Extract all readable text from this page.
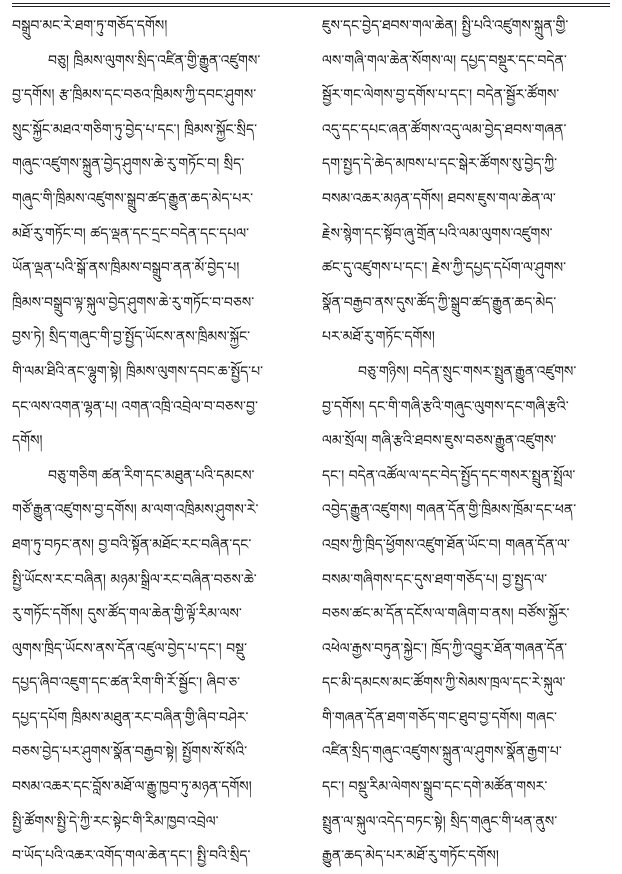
བསྒྲུབ་མང་རེ་ཐག་ཏུ་གཅོད་དགོས།
བཅུ། ཁྲིམས་ལུགས་སྲིད་འཛིན་གྱི་རྒྱུན་འཛུགས་
བྱ་དགོས། རྩ་ཁྲིམས་དང་བཅའ་ཁྲིམས་ཀྱི་དབང་ཤུགས་
སྲུང་སྐྱོང་མཐའ་གཅིག་ཏུ་བྱེད་པ་དང་། ཁྲིམས་སྐྱོང་སྲིད་
གཞུང་འཛུགས་སྐྲུན་བྱེད་ཤུགས་ཆེ་རུ་གཏོང་བ། སྲིད་
གཞུང་གི་ཁྲིམས་འཛུགས་སྒྲུབ་ཚད་རྒྱུན་ཆད་མེད་པར་
མཐོ་རུ་གཏོང་བ། ཚད་ལྡན་དང་དྲང་བདེན་དང་དཔལ་
ཡོན་ལྡན་པའི་སྒོ་ནས་ཁྲིམས་བསྒྲུབ་ནན་མོ་བྱེད་པ།
ཁྲིམས་བསྒྲུབ་ལྟ་སྐུལ་བྱེད་ཤུགས་ཆེ་རུ་གཏོང་བ་བཅས་
བྱས་ཏེ། སྲིད་གཞུང་གི་བྱ་སྤྱོད་ཡོངས་ནས་ཁྲིམས་སྐྱོང་
གི་ལམ་ཐིའི་ནང་ལྷུག་སྟེ། ཁྲིམས་ལུགས་དབང་ཆ་སྤྱོད་པ་
དང་ལས་འགན་ལྷན་པ། འགན་འཁྲི་འབྲེལ་བ་བཅས་བྱ་
དགོས།
བཅུ་གཅིག ཚན་རིག་དང་མཐུན་པའི་དམངས་
གཙོ་རྒྱུན་འཛུགས་བྱ་དགོས། མ་ལག་འཁྲིམས་ཤུགས་རེ་
ཐག་ཏུ་བཏང་ནས། བྱ་བའི་སྟོན་མཐོང་རང་བཞིན་དང་
སྤྱི་ཡོངས་རང་བཞིན། མཉམ་སྒྲིལ་རང་བཞིན་བཅས་ཆེ་
རུ་གཏོང་དགོས། དུས་ཚོད་གལ་ཆེན་གྱི་ལྟོ་རིམ་ལས་
ལུགས་ཁྲིད་ཡོངས་ནས་དོན་འཛུལ་བྱེད་པ་དང་། བསྡུ་
དཔྱད་ཞིབ་འཇུག་དང་ཚན་རིག་གི་རོ་སྦྱོང་། ཞིབ་ཅ་
དཔྱད་དཔོག ཁྲིམས་མཐུན་རང་བཞིན་གྱི་ཞིབ་བཤེར་
བཅས་བྱེད་པར་ཤུགས་སྣོན་བརྒྱབ་སྟེ། སྤྱོགས་སོ་སོའི་
བསམ་འཆར་དང་བློས་མཐོ་ལ་རྒྱུ་ཁྱབ་ཏུ་མཉན་དགོས།
སྤྱི་ཚོགས་སྤྱི་དེ་ཀྱི་རང་སྟེང་གི་རིམ་ཁྱབ་འབྲེལ་
བ་ཡོད་པའི་འཆར་འགོད་གལ་ཆེན་དང་། སྤྱི་བའི་སྲིད་
ཇུས་དང་བྱེད་ཐབས་གལ་ཆེན། སྤྱི་པའི་འཛུགས་སྐྲུན་གྱི་
ལས་གཞི་གལ་ཆེན་སོགས་ལ། དཔྱད་བསྡུར་དང་བདེན་
སྦྱོར་གང་ལེགས་བྱ་དགོས་པ་དང་། བདེན་སྦྱོར་ཚོགས་
འདུ་དང་དཔང་ཞན་ཚོགས་འདུ་ལམ་བྱེད་ཐབས་གཞན་
དག་སྤྱད་དེ་ཆེད་མཁས་པ་དང་སྒེར་ཚོགས་སུ་བྱེད་ཀྱི་
བསམ་འཆར་མཉན་དགོས། ཐབས་ཇུས་གལ་ཆེན་ལ་
རྗེས་སྙེག་དང་སྟོབ་ཞུ་གྲོན་པའི་ལམ་ལུགས་འཛུགས་
ཚང་དུ་འཛུགས་པ་དང་། རྗེས་ཀྱི་དཔྱད་དཔོག་ལ་ཤུགས་
སྣོན་བརྒྱབ་ནས་དུས་ཚོད་ཀྱི་སྒྲུབ་ཚད་རྒྱུན་ཆད་མེད་
པར་མཐོ་རུ་གཏོང་དགོས།
བཅུ་གཉིས། བདེན་སྲུང་གསར་སྤྲུན་རྒྱུན་འཛུགས་
བྱ་དགོས། དང་གི་གཞི་རྩའི་གཞུང་ལུགས་དང་གཞི་རྩའི་
ལམ་སྲོལ། གཞི་རྩའི་ཐབས་ཇུས་བཅས་རྒྱུན་འཛུགས་
དང་། བདེན་འཚོལ་ལ་དང་བེད་སྤྱོད་དང་གསར་སྤྲུན་སྤྲོལ་
འབྱེད་རྒྱུན་འཛུགས། གཞན་དོན་གྱི་ཁྲིམས་ཁྲོམ་དང་ཕན་
འབྲས་ཀྱི་ཁྲིད་ཕྱོགས་འཛུག་ཐོན་ཡོང་བ། གཞན་དོན་ལ་
བསམ་གཞིགས་དང་དུས་ཐག་གཅོད་པ། བྱ་སྤྱད་ལ་
བཅས་ཚང་མ་དོན་དངོས་ལ་གཞིག་བ་ནས། བཙོས་སྐྱོར་
འཕེལ་རྒྱས་བཏུན་སྐྱེང་། ཁྲོད་ཀྱི་འབྱུར་ཐོན་གཞན་དོན་
དང་མི་དམངས་མང་ཚོགས་ཀྱི་སེམས་ཁྲལ་དང་རེ་སྐུལ་
གི་གཞན་དོན་ཐག་གཅོད་གང་ཐུབ་བྱ་དགོས། གཞང་
འཛིན་སྲིད་གཞུང་འཛུགས་སྐྲུན་ལ་ཤུགས་སྣོན་རྒྱག་པ་
དང་། བསྡུ་རིམ་ལེགས་སྒྲུབ་དང་དགེ་མཚོན་གསར་
སྤྲུན་ལ་སྐུལ་འདེད་བཏང་སྟེ། སྲིད་གཞུང་གི་ཕན་ནུས་
རྒྱུན་ཆད་མེད་པར་མཐོ་རུ་གཏོང་དགོས།
